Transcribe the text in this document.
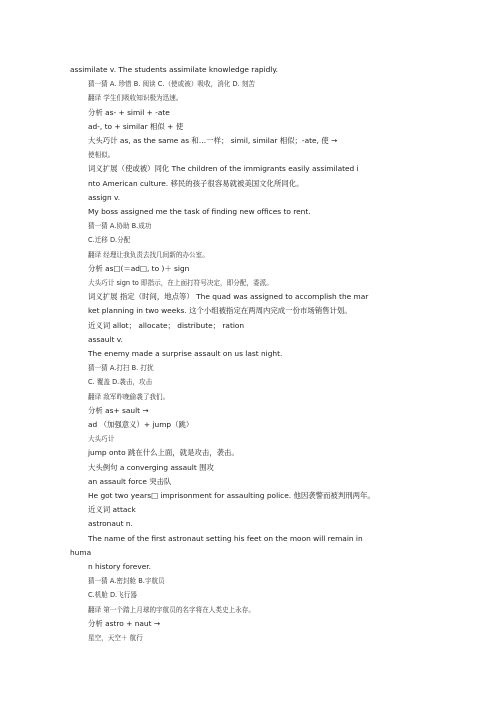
assimilate v. The students assimilate knowledge rapidly.
猜一猜 A. 珍惜 B. 阅读 C.（使或被）吸收，消化 D. 刻苦
翻译 学生们吸收知识极为迅速。
分析 as- + simil + -ate
ad-, to + similar 相似 + 使
大头巧计 as, as the same as 和…一样； simil, similar 相似；-ate, 使 →
使相似。
词义扩展（使或被）同化 The children of the immigrants easily assimilated i
nto American culture. 移民的孩子很容易就被美国文化所同化。
assign v.
My boss assigned me the task of finding new offices to rent.
猜一猜 A.协助 B.成功
C.迁移 D.分配
翻译 经理让我负责去找几间新的办公室。
分析 as□(＝ad□, to )＋ sign
大头巧计 sign to 即指示，在上面打符号决定，即分配，委派。
词义扩展 指定（时间，地点等） The quad was assigned to accomplish the mar
ket planning in two weeks. 这个小组被指定在两周内完成一份市场销售计划。
近义词 allot； allocate； distribute； ration
assault v.
The enemy made a surprise assault on us last night.
猜一猜 A.打扫 B. 打扰
C. 覆盖 D.袭击，攻击
翻译 敌军昨晚偷袭了我们。
分析 as+ sault →
ad （加强意义）+ jump（跳）
大头巧计
jump onto 跳在什么上面，就是攻击，袭击。
大头例句 a converging assault 围攻
an assault force 突击队
He got two years□ imprisonment for assaulting police. 他因袭警而被判刑两年。
近义词 attack
astronaut n.
The name of the first astronaut setting his feet on the moon will remain in
huma
n history forever.
猜一猜 A.密封舱 B.宇航员
C.机舱 D.飞行器
翻译 第一个踏上月球的宇航员的名字将在人类史上永存。
分析 astro + naut →
星空，天空＋ 航行
